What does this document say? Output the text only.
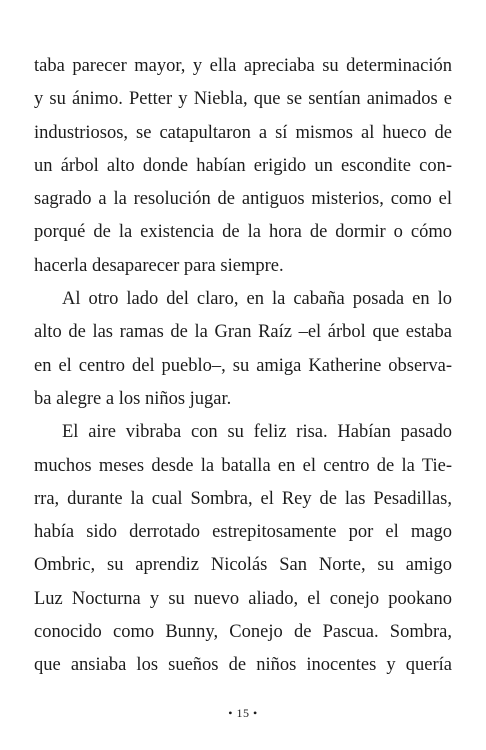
taba parecer mayor, y ella apreciaba su determinación
y su ánimo. Petter y Niebla, que se sentían animados e
industriosos, se catapultaron a sí mismos al hueco de
un árbol alto donde habían erigido un escondite con-
sagrado a la resolución de antiguos misterios, como el
porqué de la existencia de la hora de dormir o cómo
hacerla desaparecer para siempre.
Al otro lado del claro, en la cabaña posada en lo
alto de las ramas de la Gran Raíz –el árbol que estaba
en el centro del pueblo–, su amiga Katherine observa-
ba alegre a los niños jugar.
El aire vibraba con su feliz risa. Habían pasado
muchos meses desde la batalla en el centro de la Tie-
rra, durante la cual Sombra, el Rey de las Pesadillas,
había sido derrotado estrepitosamente por el mago
Ombric, su aprendiz Nicolás San Norte, su amigo
Luz Nocturna y su nuevo aliado, el conejo pookano
conocido como Bunny, Conejo de Pascua. Sombra,
que ansiaba los sueños de niños inocentes y quería
• 15 •
